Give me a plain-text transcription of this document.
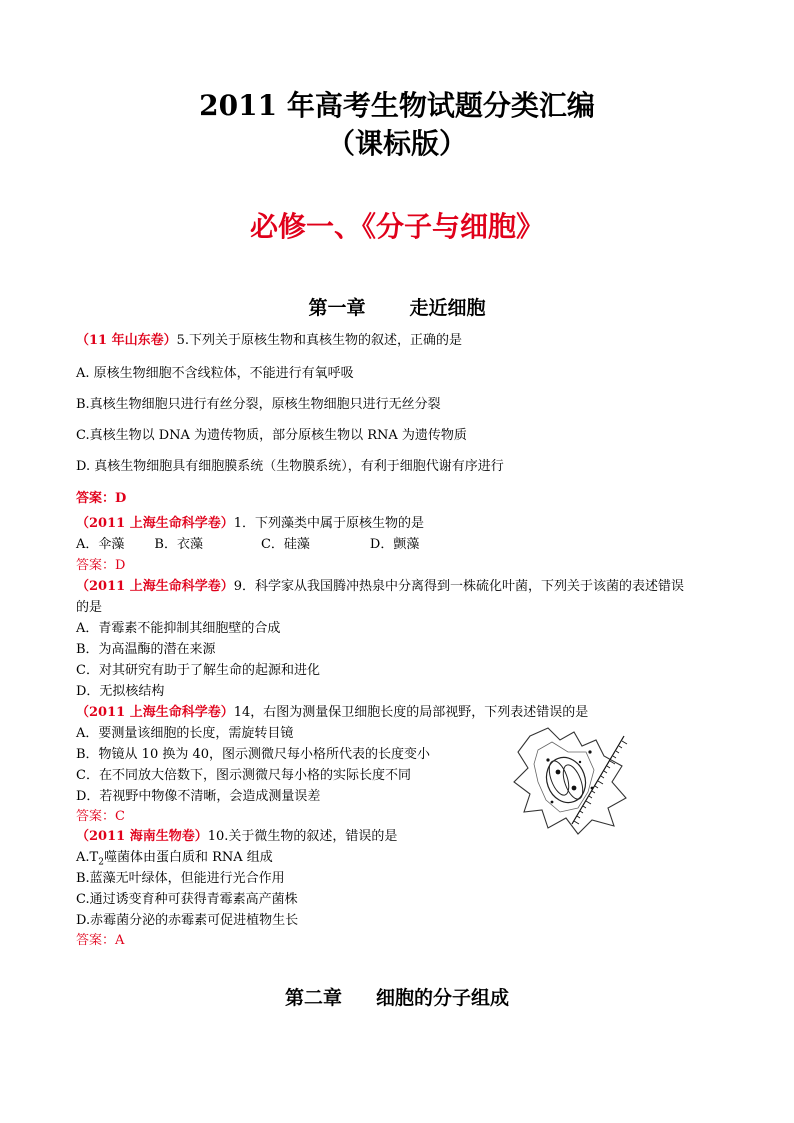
2011 年高考生物试题分类汇编
（课标版）
必修一、《分子与细胞》
第一章 走近细胞
（11 年山东卷）5.下列关于原核生物和真核生物的叙述，正确的是
A. 原核生物细胞不含线粒体，不能进行有氧呼吸
B.真核生物细胞只进行有丝分裂，原核生物细胞只进行无丝分裂
C.真核生物以 DNA 为遗传物质，部分原核生物以 RNA 为遗传物质
D. 真核生物细胞具有细胞膜系统（生物膜系统），有利于细胞代谢有序进行
答案：D
（2011 上海生命科学卷）1．下列藻类中属于原核生物的是
A．伞藻 B．衣藻	C．硅藻	D．颤藻
答案：D
（2011 上海生命科学卷）9．科学家从我国腾冲热泉中分离得到一株硫化叶菌，下列关于该菌的表述错误
的是
A．青霉素不能抑制其细胞壁的合成
B．为高温酶的潜在来源
C．对其研究有助于了解生命的起源和进化
D．无拟核结构
（2011 上海生命科学卷）14，右图为测量保卫细胞长度的局部视野，下列表述错误的是
A．要测量该细胞的长度，需旋转目镜
B．物镜从 10 换为 40，图示测微尺每小格所代表的长度变小
C．在不同放大倍数下，图示测微尺每小格的实际长度不同
D．若视野中物像不清晰，会造成测量误差
答案：C
（2011 海南生物卷）10.关于微生物的叙述，错误的是
$A.T_2$噬菌体由蛋白质和 RNA 组成
B.蓝藻无叶绿体，但能进行光合作用
C.通过诱变育种可获得青霉素高产菌株
D.赤霉菌分泌的赤霉素可促进植物生长
答案：A
第二章 细胞的分子组成
